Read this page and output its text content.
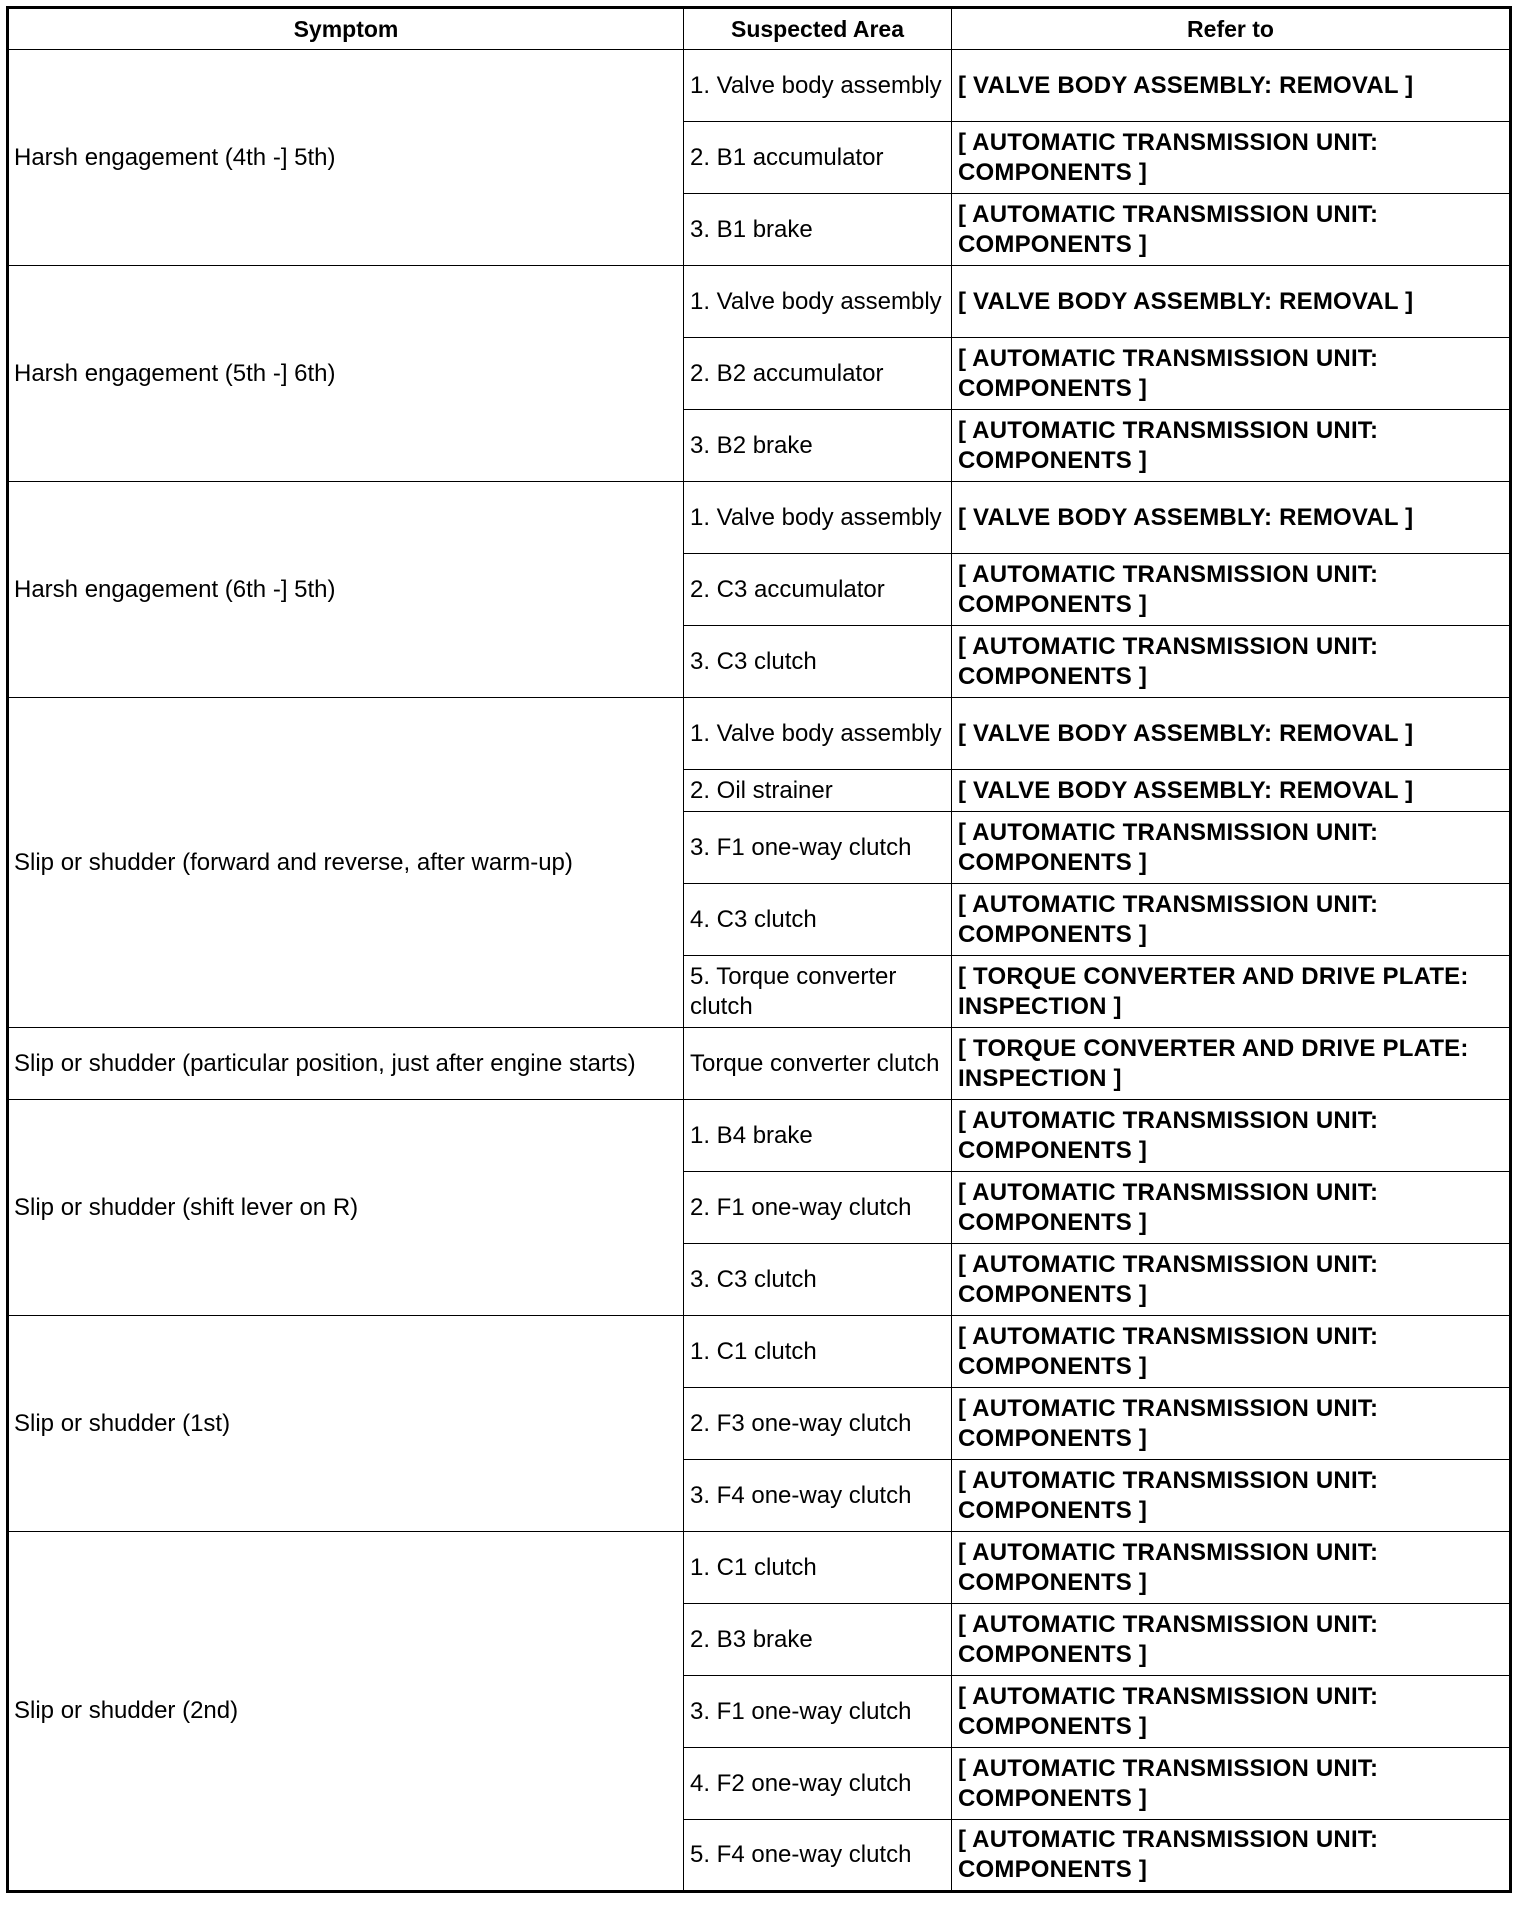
Symptom	Suspected Area	Refer to
Harsh engagement (4th -] 5th)	1. Valve body assembly	[ VALVE BODY ASSEMBLY: REMOVAL ]
	2. B1 accumulator	[ AUTOMATIC TRANSMISSION UNIT: COMPONENTS ]
	3. B1 brake	[ AUTOMATIC TRANSMISSION UNIT: COMPONENTS ]
Harsh engagement (5th -] 6th)	1. Valve body assembly	[ VALVE BODY ASSEMBLY: REMOVAL ]
	2. B2 accumulator	[ AUTOMATIC TRANSMISSION UNIT: COMPONENTS ]
	3. B2 brake	[ AUTOMATIC TRANSMISSION UNIT: COMPONENTS ]
Harsh engagement (6th -] 5th)	1. Valve body assembly	[ VALVE BODY ASSEMBLY: REMOVAL ]
	2. C3 accumulator	[ AUTOMATIC TRANSMISSION UNIT: COMPONENTS ]
	3. C3 clutch	[ AUTOMATIC TRANSMISSION UNIT: COMPONENTS ]
Slip or shudder (forward and reverse, after warm-up)	1. Valve body assembly	[ VALVE BODY ASSEMBLY: REMOVAL ]
	2. Oil strainer	[ VALVE BODY ASSEMBLY: REMOVAL ]
	3. F1 one-way clutch	[ AUTOMATIC TRANSMISSION UNIT: COMPONENTS ]
	4. C3 clutch	[ AUTOMATIC TRANSMISSION UNIT: COMPONENTS ]
	5. Torque converter clutch	[ TORQUE CONVERTER AND DRIVE PLATE: INSPECTION ]
Slip or shudder (particular position, just after engine starts)	Torque converter clutch	[ TORQUE CONVERTER AND DRIVE PLATE: INSPECTION ]
Slip or shudder (shift lever on R)	1. B4 brake	[ AUTOMATIC TRANSMISSION UNIT: COMPONENTS ]
	2. F1 one-way clutch	[ AUTOMATIC TRANSMISSION UNIT: COMPONENTS ]
	3. C3 clutch	[ AUTOMATIC TRANSMISSION UNIT: COMPONENTS ]
Slip or shudder (1st)	1. C1 clutch	[ AUTOMATIC TRANSMISSION UNIT: COMPONENTS ]
	2. F3 one-way clutch	[ AUTOMATIC TRANSMISSION UNIT: COMPONENTS ]
	3. F4 one-way clutch	[ AUTOMATIC TRANSMISSION UNIT: COMPONENTS ]
Slip or shudder (2nd)	1. C1 clutch	[ AUTOMATIC TRANSMISSION UNIT: COMPONENTS ]
	2. B3 brake	[ AUTOMATIC TRANSMISSION UNIT: COMPONENTS ]
	3. F1 one-way clutch	[ AUTOMATIC TRANSMISSION UNIT: COMPONENTS ]
	4. F2 one-way clutch	[ AUTOMATIC TRANSMISSION UNIT: COMPONENTS ]
	5. F4 one-way clutch	[ AUTOMATIC TRANSMISSION UNIT: COMPONENTS ]
